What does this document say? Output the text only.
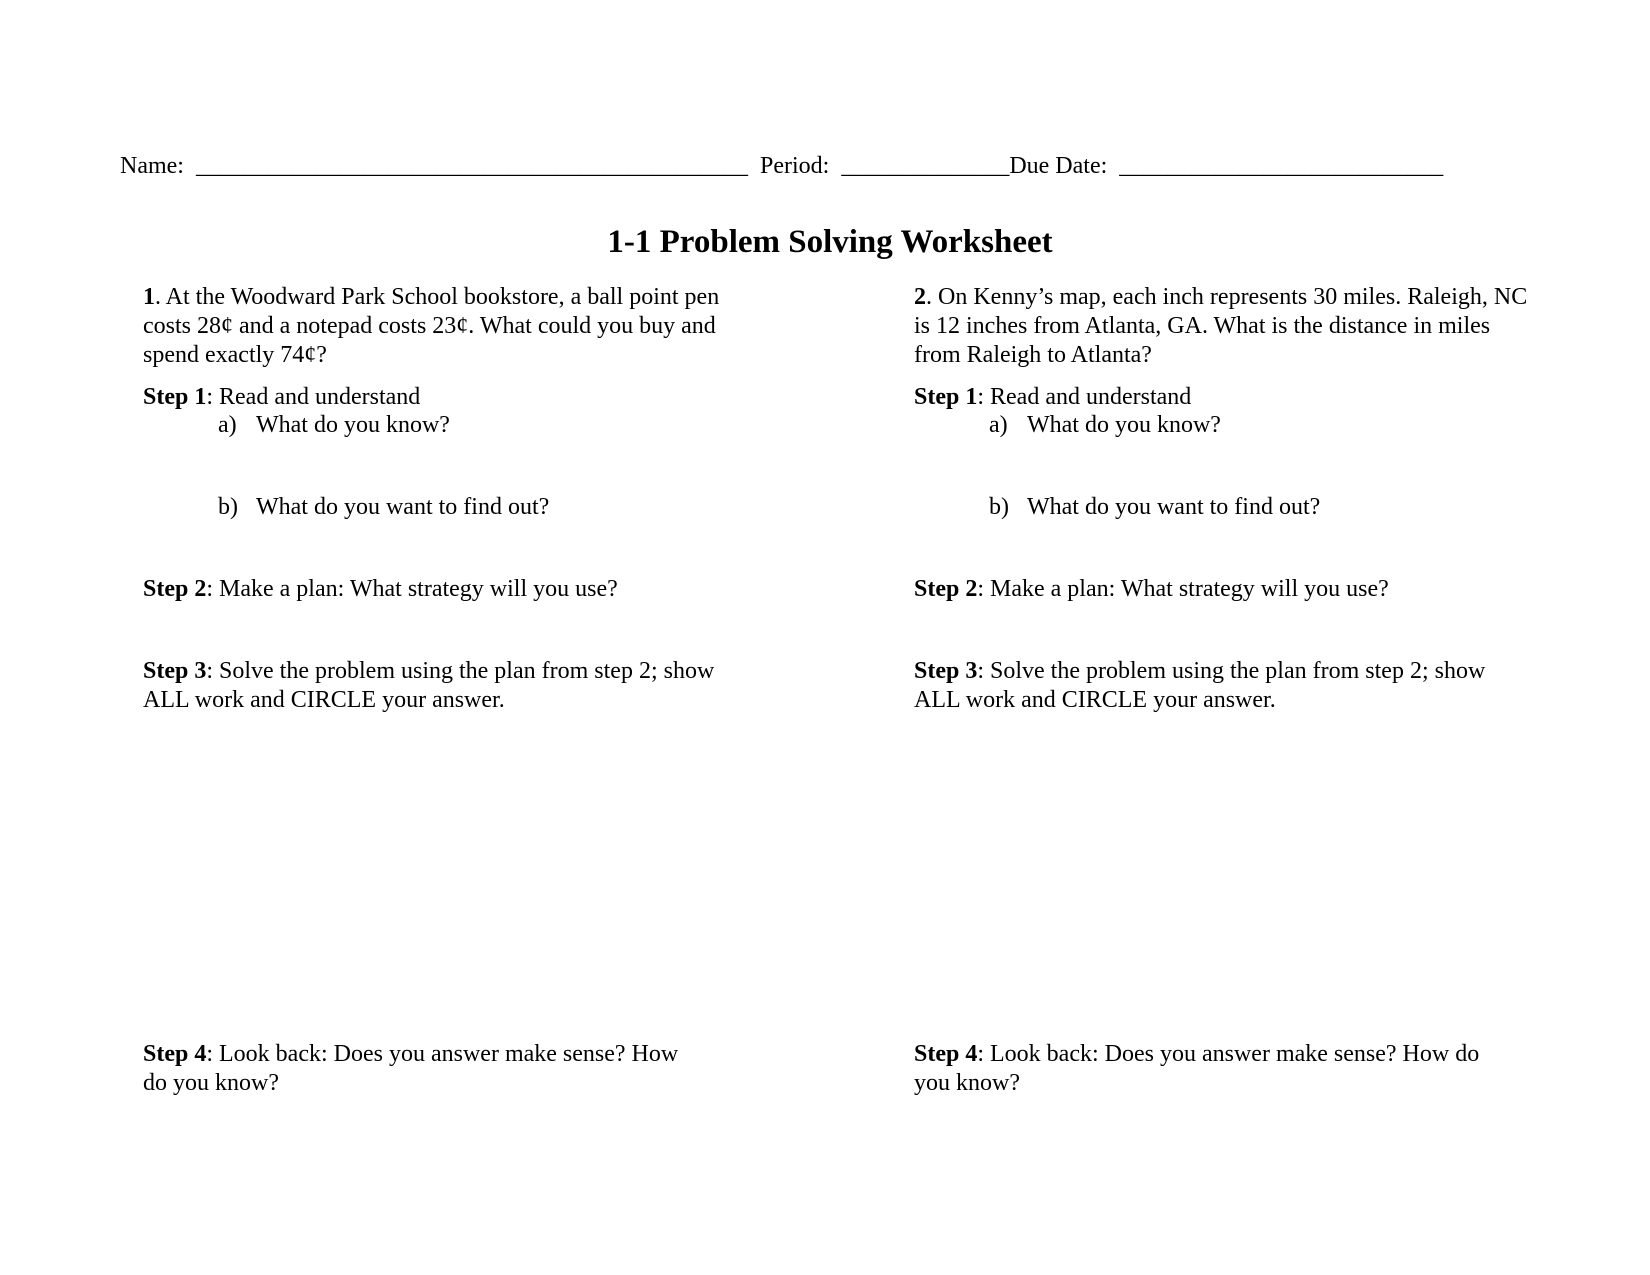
Name: ______________________________________________ Period: ______________Due Date: ___________________________
1-1 Problem Solving Worksheet
1. At the Woodward Park School bookstore, a ball point pen
costs 28¢ and a notepad costs 23¢. What could you buy and
spend exactly 74¢?
Step 1: Read and understand
a) What do you know?
b) What do you want to find out?
Step 2: Make a plan: What strategy will you use?
Step 3: Solve the problem using the plan from step 2; show
ALL work and CIRCLE your answer.
Step 4: Look back: Does you answer make sense? How
do you know?
2. On Kenny’s map, each inch represents 30 miles. Raleigh, NC
is 12 inches from Atlanta, GA. What is the distance in miles
from Raleigh to Atlanta?
Step 1: Read and understand
a) What do you know?
b) What do you want to find out?
Step 2: Make a plan: What strategy will you use?
Step 3: Solve the problem using the plan from step 2; show
ALL work and CIRCLE your answer.
Step 4: Look back: Does you answer make sense? How do
you know?
